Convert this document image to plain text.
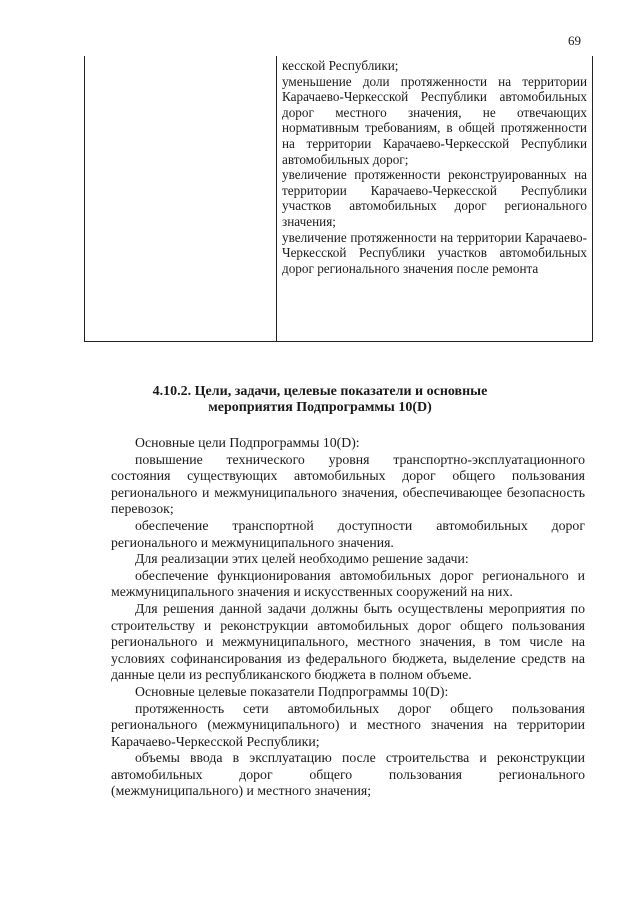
69

кесской Республики;

уменьшение доли протяженности на территории Карачаево-Черкесской Республики автомобильных дорог местного значения, не отвечающих нормативным требованиям, в общей протяженности на территории Карачаево-Черкесской Республики автомобильных дорог;

увеличение протяженности реконструированных на территории Карачаево-Черкесской Республики участков автомобильных дорог регионального значения;

увеличение протяженности на территории Карачаево-Черкесской Республики участков автомобильных дорог регионального значения после ремонта

4.10.2. Цели, задачи, целевые показатели и основные

мероприятия Подпрограммы 10(D)

Основные цели Подпрограммы 10(D):

повышение технического уровня транспортно-эксплуатационного состояния существующих автомобильных дорог общего пользования регионального и межмуниципального значения, обеспечивающее безопасность перевозок;

обеспечение транспортной доступности автомобильных дорог регионального и межмуниципального значения.

Для реализации этих целей необходимо решение задачи:

обеспечение функционирования автомобильных дорог регионального и межмуниципального значения и искусственных сооружений на них.

Для решения данной задачи должны быть осуществлены мероприятия по строительству и реконструкции автомобильных дорог общего пользования регионального и межмуниципального, местного значения, в том числе на условиях софинансирования из федерального бюджета, выделение средств на данные цели из республиканского бюджета в полном объеме.

Основные целевые показатели Подпрограммы 10(D):

протяженность сети автомобильных дорог общего пользования регионального (межмуниципального) и местного значения на территории Карачаево-Черкесской Республики;

объемы ввода в эксплуатацию после строительства и реконструкции автомобильных дорог общего пользования регионального (межмуниципального) и местного значения;
